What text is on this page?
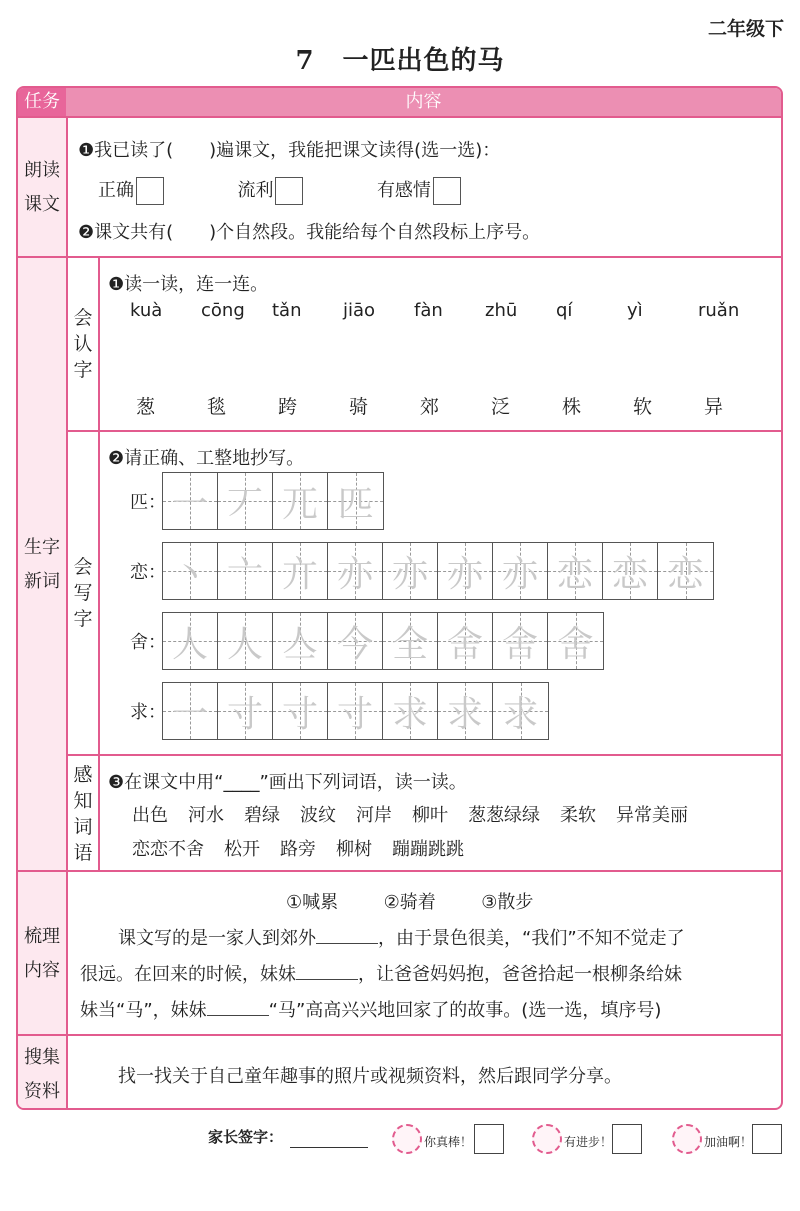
二年级下
7 一匹出色的马
任务	内容
朗读
课文
❶我已读了(　　)遍课文，我能把课文读得(选一选)：
正确	流利	有感情
❷课文共有(　　)个自然段。我能给每个自然段标上序号。
生字
新词
会
认
字
❶读一读，连一连。
kuà cōng tǎn jiāo fàn zhū qí	yì	ruǎn
葱	毯	跨	骑	郊	泛	株	软	异
会
写
字
❷请正确、工整地抄写。
匹： 一 丆 兀 匹
恋： 丶 亠 亣 亦 亦 亦 亦 恋 恋 恋
舍： 人 人 亼 今 全 舍 舍 舍
求： 一 寸 寸 寸 求 求 求
感
知
词
语
❸在课文中用“____”画出下列词语，读一读。
出色 河水 碧绿 波纹 河岸 柳叶 葱葱绿绿 柔软 异常美丽
恋恋不舍 松开 路旁 柳树 蹦蹦跳跳
梳理
内容
①喊累	②骑着	③散步
课文写的是一家人到郊外	，由于景色很美，“我们”不知不觉走了
很远。在回来的时候，妹妹	，让爸爸妈妈抱，爸爸拾起一根柳条给妹
妹当“马”，妹妹	“马”高高兴兴地回家了的故事。(选一选，填序号)
搜集
资料
找一找关于自己童年趣事的照片或视频资料，然后跟同学分享。
家长签字：	你真棒！	有进步！	加油啊！
